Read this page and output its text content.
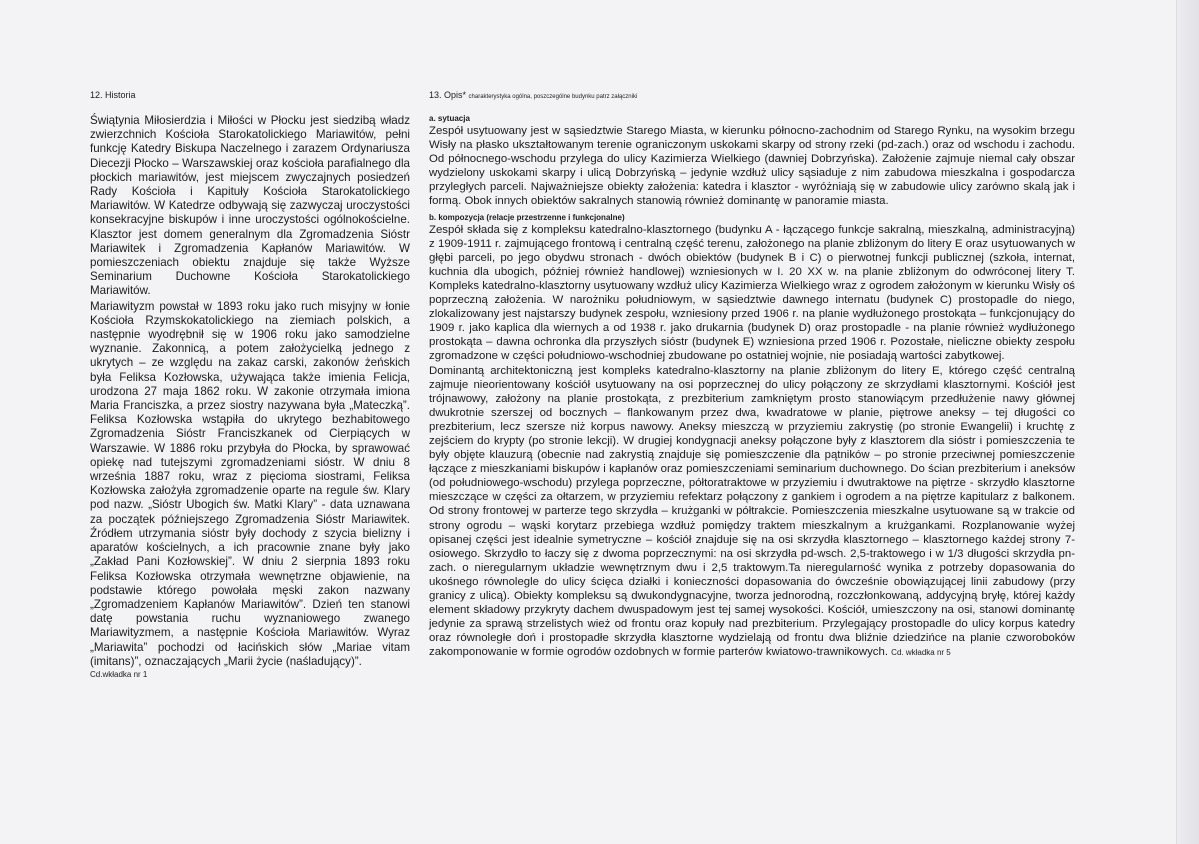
12. Historia

Świątynia Miłosierdzia i Miłości w Płocku jest siedzibą władz zwierzchnich Kościoła Starokatolickiego Mariawitów, pełni funkcję Katedry Biskupa Naczelnego i zarazem Ordynariusza Diecezji Płocko – Warszawskiej oraz kościoła parafialnego dla płockich mariawitów, jest miejscem zwyczajnych posiedzeń Rady Kościoła i Kapituły Kościoła Starokatolickiego Mariawitów. W Katedrze odbywają się zazwyczaj uroczystości konsekracyjne biskupów i inne uroczystości ogólnokościelne. Klasztor jest domem generalnym dla Zgromadzenia Sióstr Mariawitek i Zgromadzenia Kapłanów Mariawitów. W pomieszczeniach obiektu znajduje się także Wyższe Seminarium Duchowne Kościoła Starokatolickiego Mariawitów.

Mariawityzm powstał w 1893 roku jako ruch misyjny w łonie Kościoła Rzymskokatolickiego na ziemiach polskich, a następnie wyodrębnił się w 1906 roku jako samodzielne wyznanie. Zakonnicą, a potem założycielką jednego z ukrytych – ze względu na zakaz carski, zakonów żeńskich była Feliksa Kozłowska, używająca także imienia Felicja, urodzona 27 maja 1862 roku. W zakonie otrzymała imiona Maria Franciszka, a przez siostry nazywana była „Mateczką”. Feliksa Kozłowska wstąpiła do ukrytego bezhabitowego Zgromadzenia Sióstr Franciszkanek od Cierpiących w Warszawie. W 1886 roku przybyła do Płocka, by sprawować opiekę nad tutejszymi zgromadzeniami sióstr. W dniu 8 września 1887 roku, wraz z pięcioma siostrami, Feliksa Kozłowska założyła zgromadzenie oparte na regule św. Klary pod nazw. „Sióstr Ubogich św. Matki Klary” - data uznawana za początek późniejszego Zgromadzenia Sióstr Mariawitek. Źródłem utrzymania sióstr były dochody z szycia bielizny i aparatów kościelnych, a ich pracownie znane były jako „Zakład Pani Kozłowskiej”. W dniu 2 sierpnia 1893 roku Feliksa Kozłowska otrzymała wewnętrzne objawienie, na podstawie którego powołała męski zakon nazwany „Zgromadzeniem Kapłanów Mariawitów”. Dzień ten stanowi datę powstania ruchu wyznaniowego zwanego Mariawityzmem, a następnie Kościoła Mariawitów. Wyraz „Mariawita” pochodzi od łacińskich słów „Mariae vitam (imitans)”, oznaczających „Marii życie (naśladujący)”.

Cd.wkładka nr 1
13. Opis* charakterystyka ogólna, poszczególne budynku patrz załączniki
a. sytuacja

Zespół usytuowany jest w sąsiedztwie Starego Miasta, w kierunku północno-zachodnim od Starego Rynku, na wysokim brzegu Wisły na płasko ukształtowanym terenie ograniczonym uskokami skarpy od strony rzeki (pd-zach.) oraz od wschodu i zachodu. Od północnego-wschodu przylega do ulicy Kazimierza Wielkiego (dawniej Dobrzyńska). Założenie zajmuje niemal cały obszar wydzielony uskokami skarpy i ulicą Dobrzyńską – jedynie wzdłuż ulicy sąsiaduje z nim zabudowa mieszkalna i gospodarcza przyległych parceli. Najważniejsze obiekty założenia: katedra i klasztor - wyróżniają się w zabudowie ulicy zarówno skalą jak i formą. Obok innych obiektów sakralnych stanowią również dominantę w panoramie miasta.

b. kompozycja (relacje przestrzenne i funkcjonalne)

Zespół składa się z kompleksu katedralno-klasztornego (budynku A - łączącego funkcje sakralną, mieszkalną, administracyjną) z 1909-1911 r. zajmującego frontową i centralną część terenu, założonego na planie zbliżonym do litery E oraz usytuowanych w głębi parceli, po jego obydwu stronach - dwóch obiektów (budynek B i C) o pierwotnej funkcji publicznej (szkoła, internat, kuchnia dla ubogich, później również handlowej) wzniesionych w I. 20 XX w. na planie zbliżonym do odwróconej litery T. Kompleks katedralno-klasztorny usytuowany wzdłuż ulicy Kazimierza Wielkiego wraz z ogrodem założonym w kierunku Wisły oś poprzeczną założenia. W narożniku południowym, w sąsiedztwie dawnego internatu (budynek C) prostopadle do niego, zlokalizowany jest najstarszy budynek zespołu, wzniesiony przed 1906 r. na planie wydłużonego prostokąta – funkcjonujący do 1909 r. jako kaplica dla wiernych a od 1938 r. jako drukarnia (budynek D) oraz prostopadle - na planie również wydłużonego prostokąta – dawna ochronka dla przyszłych sióstr (budynek E) wzniesiona przed 1906 r. Pozostałe, nieliczne obiekty zespołu zgromadzone w części południowo-wschodniej zbudowane po ostatniej wojnie, nie posiadają wartości zabytkowej.

Dominantą architektoniczną jest kompleks katedralno-klasztorny na planie zbliżonym do litery E, którego część centralną zajmuje nieorientowany kościół usytuowany na osi poprzecznej do ulicy połączony ze skrzydłami klasztornymi. Kościół jest trójnawowy, założony na planie prostokąta, z prezbiterium zamkniętym prosto stanowiącym przedłużenie nawy głównej dwukrotnie szerszej od bocznych – flankowanym przez dwa, kwadratowe w planie, piętrowe aneksy – tej długości co prezbiterium, lecz szersze niż korpus nawowy. Aneksy mieszczą w przyziemiu zakrystię (po stronie Ewangelii) i kruchtę z zejściem do krypty (po stronie lekcji). W drugiej kondygnacji aneksy połączone były z klasztorem dla sióstr i pomieszczenia te były objęte klauzurą (obecnie nad zakrystią znajduje się pomieszczenie dla pątników – po stronie przeciwnej pomieszczenie łączące z mieszkaniami biskupów i kapłanów oraz pomieszczeniami seminarium duchownego. Do ścian prezbiterium i aneksów (od południowego-wschodu) przylega poprzeczne, półtoratraktowe w przyziemiu i dwutraktowe na piętrze - skrzydło klasztorne mieszczące w części za ołtarzem, w przyziemiu refektarz połączony z gankiem i ogrodem a na piętrze kapitularz z balkonem. Od strony frontowej w parterze tego skrzydła – krużganki w półtrakcie. Pomieszczenia mieszkalne usytuowane są w trakcie od strony ogrodu – wąski korytarz przebiega wzdłuż pomiędzy traktem mieszkalnym a krużgankami. Rozplanowanie wyżej opisanej części jest idealnie symetryczne – kościół znajduje się na osi skrzydła klasztornego – klasztornego każdej strony 7-osiowego. Skrzydło to łaczy się z dwoma poprzecznymi: na osi skrzydła pd-wsch. 2,5-traktowego i w 1/3 długości skrzydła pn-zach. o nieregularnym układzie wewnętrznym dwu i 2,5 traktowym.Ta nieregularność wynika z potrzeby dopasowania do ukośnego równolegle do ulicy ścięca działki i konieczności dopasowania do ówcześnie obowiązującej linii zabudowy (przy granicy z ulicą). Obiekty kompleksu są dwukondygnacyjne, tworza jednorodną, rozczłonkowaną, addycyjną bryłę, której każdy element składowy przykryty dachem dwuspadowym jest tej samej wysokości. Kościół, umieszczony na osi, stanowi dominantę jedynie za sprawą strzelistych wież od frontu oraz kopuły nad prezbiterium. Przylegający prostopadle do ulicy korpus katedry oraz równoległe doń i prostopadłe skrzydła klasztorne wydzielają od frontu dwa bliźnie dziedzińce na planie czworoboków zakomponowanie w formie ogrodów ozdobnych w formie parterów kwiatowo-trawnikowych. Cd. wkładka nr 5
